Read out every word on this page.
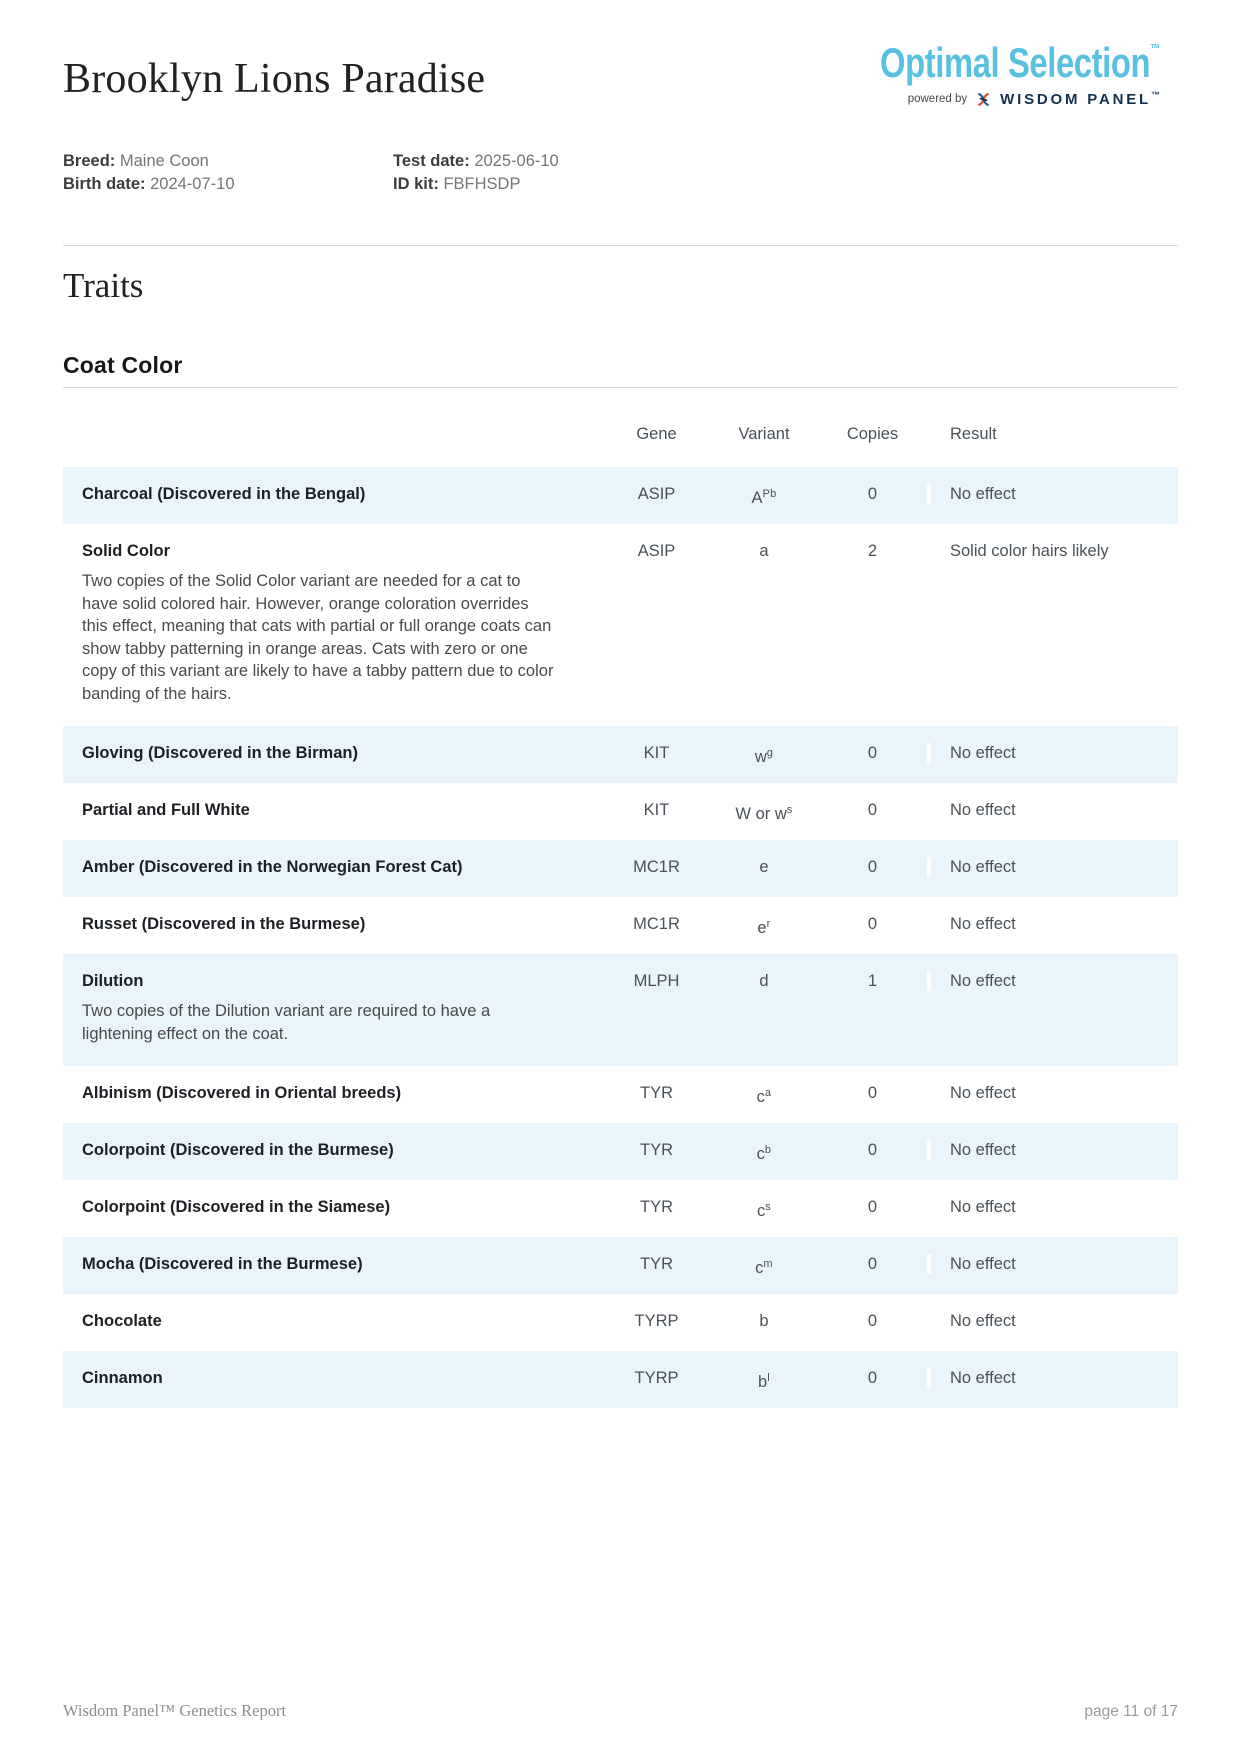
Brooklyn Lions Paradise	Optimal Selection™
powered by WISDOM PANEL™
Breed: Maine Coon
Birth date: 2024-07-10
Test date: 2025-06-10
ID kit: FBFHSDP
Traits
Coat Color
Gene	Variant	Copies	Result
Charcoal (Discovered in the Bengal)	ASIP	$A^{Pb}$	0	No effect
Solid Color
Two copies of the Solid Color variant are needed for a cat to have solid colored hair. However, orange coloration overrides this effect, meaning that cats with partial or full orange coats can show tabby patterning in orange areas. Cats with zero or one copy of this variant are likely to have a tabby pattern due to color banding of the hairs.
ASIP	a	2	Solid color hairs likely
Gloving (Discovered in the Birman)	KIT	$w^g$	0	No effect
Partial and Full White	KIT	W or $w^s$	0	No effect
Amber (Discovered in the Norwegian Forest Cat)	MC1R	e	0	No effect
Russet (Discovered in the Burmese)	MC1R	$e^r$	0	No effect
Dilution
Two copies of the Dilution variant are required to have a lightening effect on the coat.
MLPH	d	1	No effect
Albinism (Discovered in Oriental breeds)	TYR	$c^a$	0	No effect
Colorpoint (Discovered in the Burmese)	TYR	$c^b$	0	No effect
Colorpoint (Discovered in the Siamese)	TYR	$c^s$	0	No effect
Mocha (Discovered in the Burmese)	TYR	$c^m$	0	No effect
Chocolate	TYRP	b	0	No effect
Cinnamon	TYRP	$b^l$	0	No effect
Wisdom Panel™ Genetics Report	page 11 of 17
